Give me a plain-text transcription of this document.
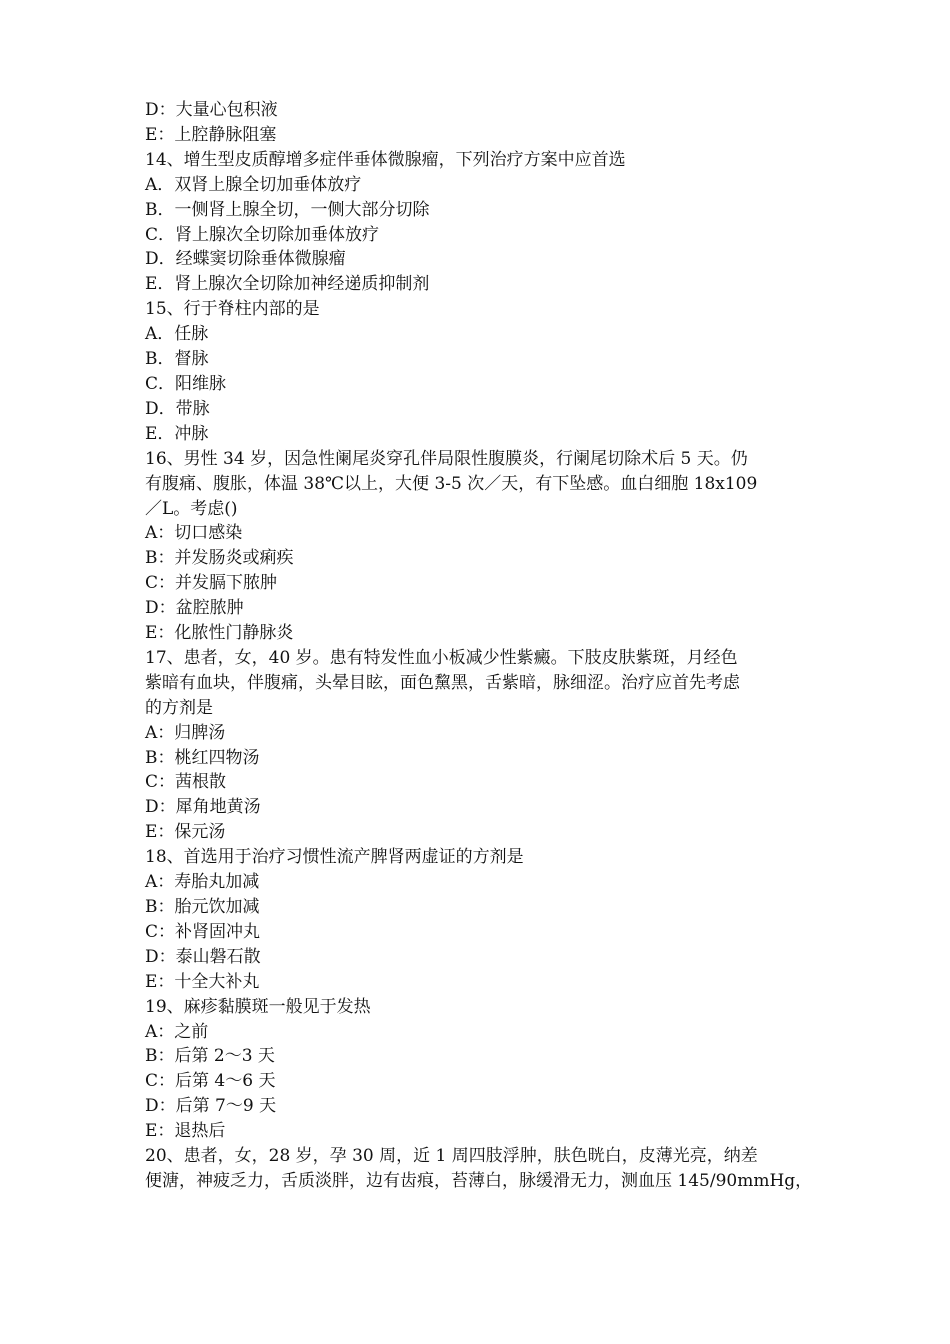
D：大量心包积液
E：上腔静脉阻塞
14、增生型皮质醇增多症伴垂体微腺瘤，下列治疗方案中应首选
A．双肾上腺全切加垂体放疗
B．一侧肾上腺全切，一侧大部分切除
C．肾上腺次全切除加垂体放疗
D．经蝶窦切除垂体微腺瘤
E．肾上腺次全切除加神经递质抑制剂
15、行于脊柱内部的是
A．任脉
B．督脉
C．阳维脉
D．带脉
E．冲脉
16、男性 34 岁，因急性阑尾炎穿孔伴局限性腹膜炎，行阑尾切除术后 5 天。仍
有腹痛、腹胀，体温 38℃以上，大便 3-5 次／天，有下坠感。血白细胞 18x109
／L。考虑()
A：切口感染
B：并发肠炎或痢疾
C：并发膈下脓肿
D：盆腔脓肿
E：化脓性门静脉炎
17、患者，女，40 岁。患有特发性血小板减少性紫癜。下肢皮肤紫斑，月经色
紫暗有血块，伴腹痛，头晕目眩，面色黧黑，舌紫暗，脉细涩。治疗应首先考虑
的方剂是
A：归脾汤
B：桃红四物汤
C：茜根散
D：犀角地黄汤
E：保元汤
18、首选用于治疗习惯性流产脾肾两虚证的方剂是
A：寿胎丸加减
B：胎元饮加减
C：补肾固冲丸
D：泰山磐石散
E：十全大补丸
19、麻疹黏膜斑一般见于发热
A：之前
B：后第 2～3 天
C：后第 4～6 天
D：后第 7～9 天
E：退热后
20、患者，女，28 岁，孕 30 周，近 1 周四肢浮肿，肤色晄白，皮薄光亮，纳差
便溏，神疲乏力，舌质淡胖，边有齿痕，苔薄白，脉缓滑无力，测血压 145/90mmHg，
